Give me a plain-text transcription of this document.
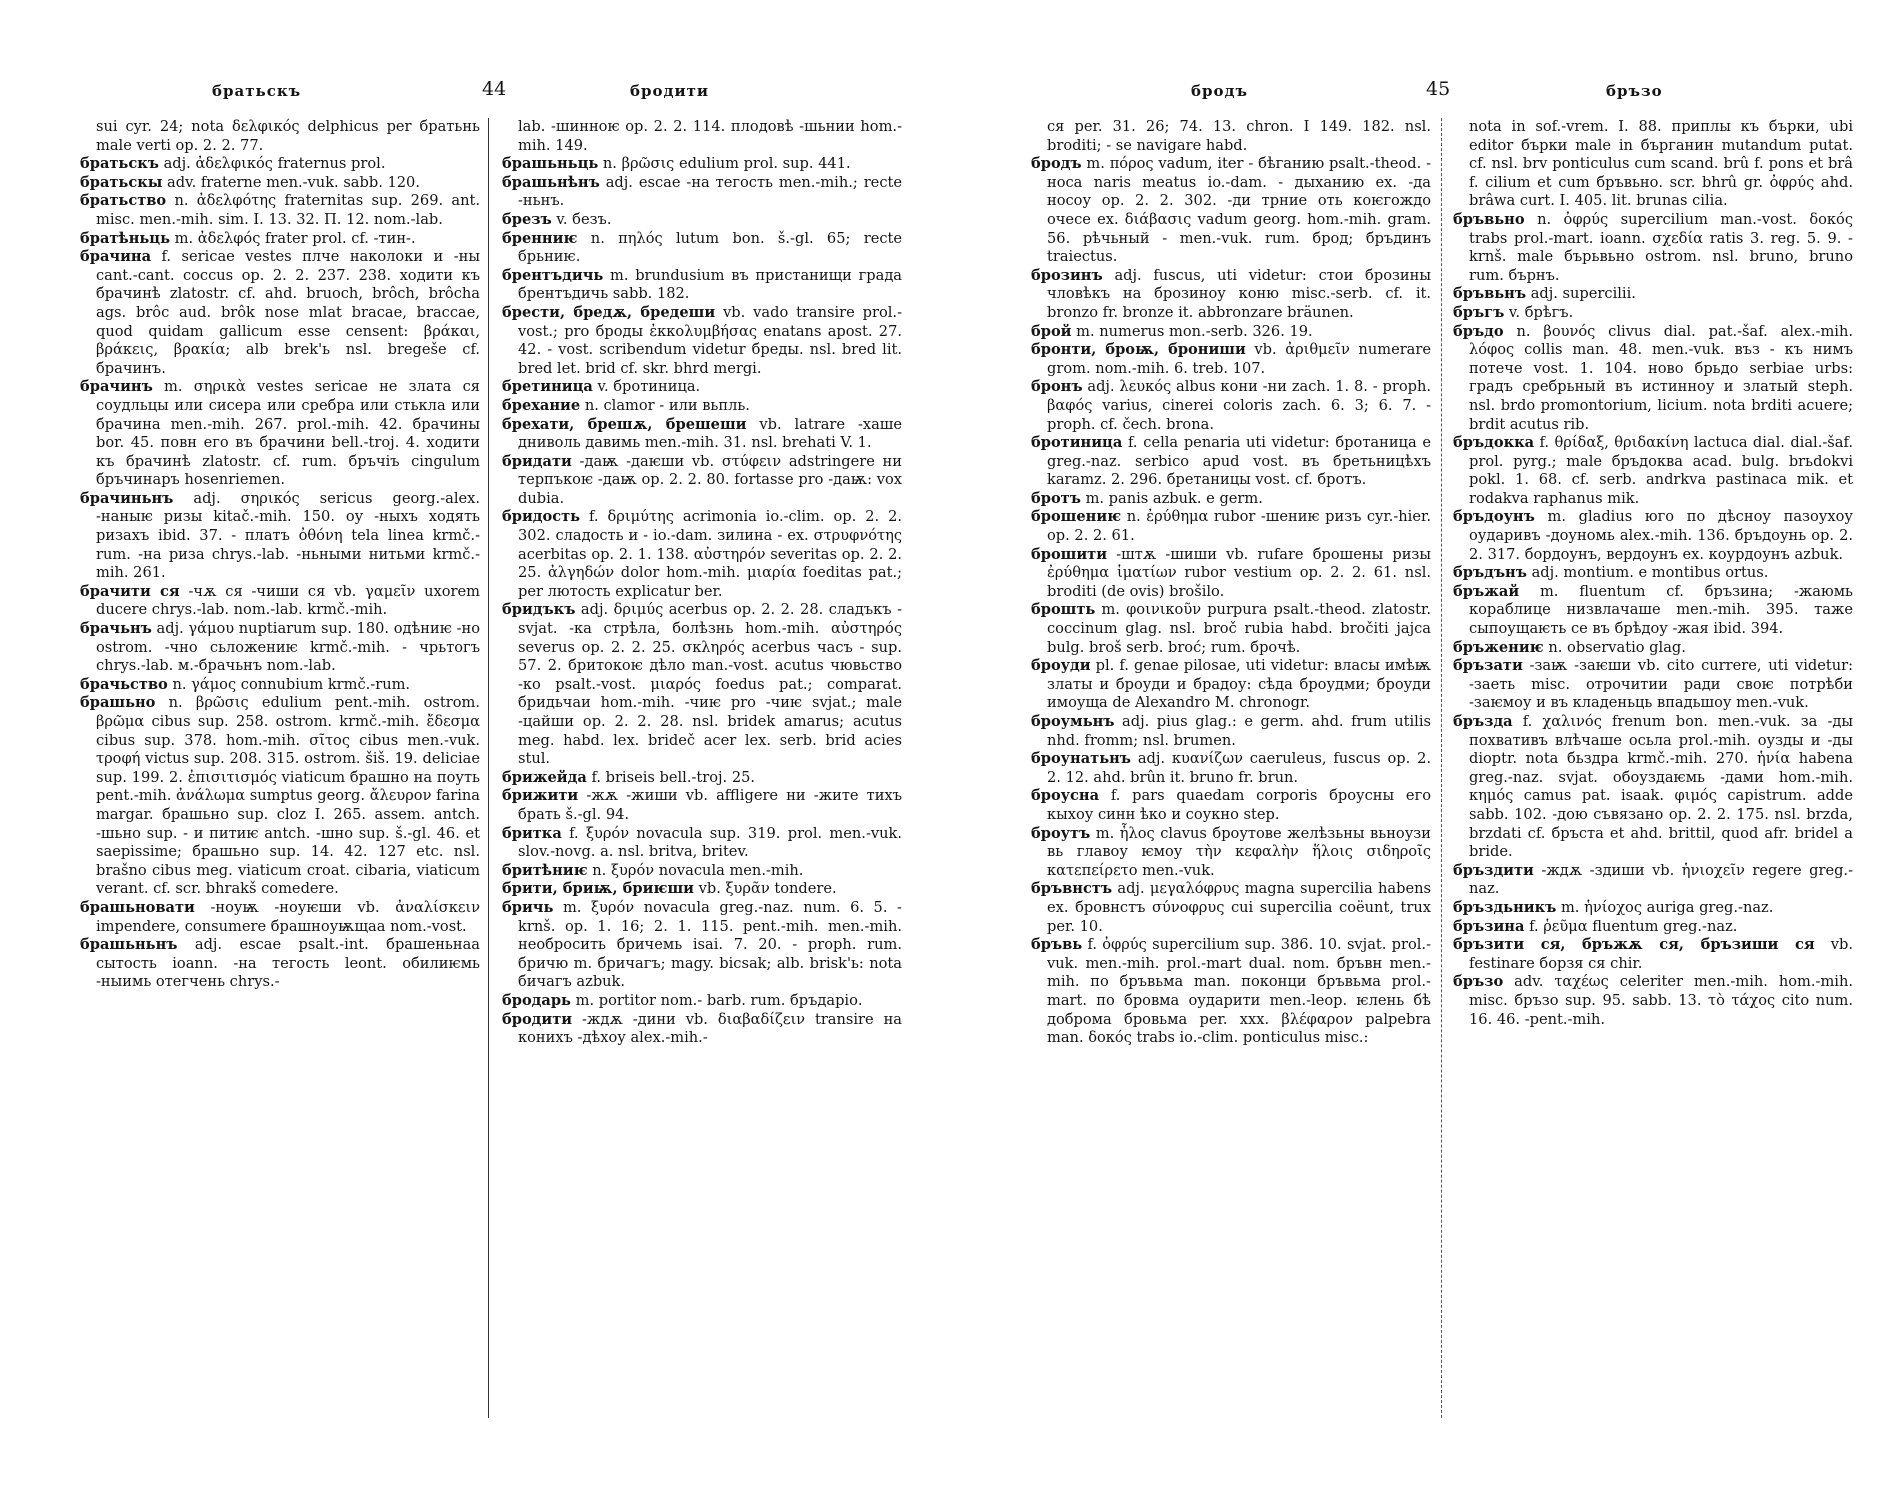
братьскъ	44	бродити

sui cyr. 24; nota δελφικός delphicus per братьнь male verti op. 2. 2. 77.

братьскъ adj. ἀδελφικός fraternus prol.

братьскы adv. fraterne men.-vuk. sabb. 120.

братьство n. ἀδελφότης fraternitas sup. 269. ant. misc. men.-mih. sim. I. 13. 32. П. 12. nom.-lab.

братѣньць m. ἀδελφός frater prol. cf. -тин-.

брачина f. sericae vestes плче наколоки и -ны cant.-cant. coccus op. 2. 2. 237. 238. ходити къ брачинѣ zlatostr. cf. ahd. bruoch, brôch, brôcha ags. brôc aud. brôk nose mlat bracae, braccae, quod quidam gallicum esse censent: βράκαι, βράκεις, βρακία; alb brek'ь nsl. bregeše cf. брачинъ.

брачинъ m. σηρικὰ vestes sericae не злата ся соудльцы или сисера или сребра или стькла или брачина men.-mih. 267. prol.-mih. 42. брачины bor. 45. повн его въ брачини bell.-troj. 4. ходити къ брачинѣ zlatostr. cf. rum. бръчіъ cingulum бръчинаръ hosenriemen.

брачиньнъ adj. σηρικός sericus georg.-alex. -наныѥ ризы kitač.-mih. 150. оу -ныхъ ходять ризахъ ibid. 37. - платъ ὀθόνη tela linea krmč.-rum. -на риза chrys.-lab. -ньными нитьми krmč.-mih. 261.

брачити ся -чѫ ся -чиши ся vb. γαμεῖν uxorem ducere chrys.-lab. nom.-lab. krmč.-mih.

брачьнъ adj. γάμου nuptiarum sup. 180. одѣниѥ -но ostrom. -чно сьложениѥ krmč.-mih. - чрьтогъ chrys.-lab. м.-брачьнъ nom.-lab.

брачьство n. γάμος connubium krmč.-rum.

брашьно n. βρῶσις edulium pent.-mih. ostrom. βρῶμα cibus sup. 258. ostrom. krmč.-mih. ἔδεσμα cibus sup. 378. hom.-mih. σῖτος cibus men.-vuk. τροφή victus sup. 208. 315. ostrom. šiš. 19. deliciae sup. 199. 2. ἐπισιτισμός viaticum брашно на поуть pent.-mih. ἀνάλωμα sumptus georg. ἄλευρον farina margar. брашьно sup. cloz I. 265. assem. antch. -шьно sup. - и питиѥ antch. -шно sup. š.-gl. 46. et saepissime; брашьно sup. 14. 42. 127 etc. nsl. brašno cibus meg. viaticum croat. cibaria, viaticum verant. cf. scr. bhrakš comedere.

брашьновати -ноуѭ -ноуѥши vb. ἀναλίσκειν impendere, consumere брашноуѭщаа nom.-vost.

брашьньнъ adj. escae psalt.-int. брашеньнаа сытость ioann. -на тегость leont. обилиѥмь -ныимь отегчень chrys.-

lab. -шинноѥ op. 2. 2. 114. плодовѣ -шьнии hom.-mih. 149.

брашьньць n. βρῶσις edulium prol. sup. 441.

брашьнѣнъ adj. escae -на тегость men.-mih.; recte -ньнъ.

брезъ v. безъ.

бренниѥ n. πηλός lutum bon. š.-gl. 65; recte брьниѥ.

брентъдичь m. brundusium въ пристанищи града брентъдичь sabb. 182.

брести, бредѫ, бредеши vb. vado transire prol.-vost.; pro броды ἐκκολυμβήσας enatans apost. 27. 42. - vost. scribendum videtur бреды. nsl. bred lit. bred let. brid cf. skr. bhrd mergi.

бретиница v. бротиница.

брехание n. clamor - или вьпль.

брехати, брешѫ, брешеши vb. latrare -хаше дниволь давимь men.-mih. 31. nsl. brehati V. 1.

бридати -даѭ -даѥши vb. στύφειν adstringere ни терпъкоѥ -даѭ op. 2. 2. 80. fortasse pro -даѭ: vox dubia.

бридость f. δριμύτης acrimonia io.-clim. op. 2. 2. 302. сладость и - io.-dam. зилина - ex. στρυφνότης acerbitas op. 2. 1. 138. αὐστηρόν severitas op. 2. 2. 25. ἀλγηδών dolor hom.-mih. μιαρία foeditas pat.; per лютость explicatur ber.

бридъкъ adj. δριμύς acerbus op. 2. 2. 28. сладъкъ - svjat. -ка стрѣла, болѣзнь hom.-mih. αὐστηρός severus op. 2. 2. 25. σκληρός acerbus часъ - sup. 57. 2. бритокоѥ дѣло man.-vost. acutus чювьство -ко psalt.-vost. μιαρός foedus pat.; comparat. бридьчаи hom.-mih. -чиѥ pro -чиѥ svjat.; male -цайши op. 2. 2. 28. nsl. bridek amarus; acutus meg. habd. lex. brideč acer lex. serb. brid acies stul.

брижейда f. briseis bell.-troj. 25.

брижити -жѫ -жиши vb. affligere ни -жите тихъ брать š.-gl. 94.

бритка f. ξυρόν novacula sup. 319. prol. men.-vuk. slov.-novg. a. nsl. britva, britev.

бритѣниѥ n. ξυρόν novacula men.-mih.

брити, бриѭ, бриѥши vb. ξυρᾶν tondere.

бричь m. ξυρόν novacula greg.-naz. num. 6. 5. - krnš. op. 1. 16; 2. 1. 115. pent.-mih. men.-mih. необросить бричемь isai. 7. 20. - proph. rum. бричю m. бричагъ; magy. bicsak; alb. brisk'ь: nota бичагъ azbuk.

бродарь m. portitor nom.- barb. rum. бръдаріо.

бродити -ждѫ -дини vb. διαβαδίζειν transire на конихъ -дѣхоу alex.-mih.-

бродъ	45	бръзо

ся per. 31. 26; 74. 13. chron. I 149. 182. nsl. broditi; - se navigare habd.

бродъ m. πόρος vadum, iter - бѣганию psalt.-theod. - носа naris meatus io.-dam. - дыханию ex. -да носоу op. 2. 2. 302. -ди трние оть коѥгождо очесе ex. διάβασις vadum georg. hom.-mih. gram. 56. рѣчьный - men.-vuk. rum. брод; бръдинъ traiectus.

брозинъ adj. fuscus, uti videtur: стои брозины чловѣкъ на брозиноу коню misc.-serb. cf. it. bronzo fr. bronze it. abbronzare bräunen.

брой m. numerus mon.-serb. 326. 19.

бронти, броѭ, брониши vb. ἀριθμεῖν numerare grom. nom.-mih. 6. treb. 107.

бронъ adj. λευκός albus кони -ни zach. 1. 8. - proph. βαφός varius, cinerei coloris zach. 6. 3; 6. 7. -proph. cf. čech. brona.

бротиница f. cella penaria uti videtur: бротаница e greg.-naz. serbico apud vost. въ бретьницѣхъ karamz. 2. 296. бретаницы vost. cf. бротъ.

бротъ m. panis azbuk. e germ.

брошениѥ n. ἐρύθημα rubor -шениѥ ризъ cyr.-hier. op. 2. 2. 61.

брошити -штѫ -шиши vb. rufare брошены ризы ἐρύθημα ἱματίων rubor vestium op. 2. 2. 61. nsl. broditi (de ovis) brošilo.

брошть m. φοινικοῦν purpura psalt.-theod. zlatostr. coccinum glag. nsl. broč rubia habd. bročiti jajca bulg. broš serb. broć; rum. брочѣ.

броуди pl. f. genae pilosae, uti videtur: власы имѣѭ златы и броуди и брадоу: сѣда броудми; броуди имоуща de Alexandro M. chronogr.

броумьнъ adj. pius glag.: e germ. ahd. frum utilis nhd. fromm; nsl. brumen.

броунатьнъ adj. κυανίζων caeruleus, fuscus op. 2. 2. 12. ahd. brûn it. bruno fr. brun.

броусна f. pars quaedam corporis броусны его кыхоу синн ѣко и соукно step.

броутъ m. ἧλος clavus броутове желѣзьны вьноузи вь главоу ѥмоу τὴν κεφαλὴν ἥλοις σιδηροῖς κατεπείρετο men.-vuk.

бръвнстъ adj. μεγαλόφρυς magna supercilia habens ex. бровнстъ σύνοφρυς cui supercilia coëunt, trux per. 10.

бръвь f. ὀφρύς supercilium sup. 386. 10. svjat. prol.-vuk. men.-mih. prol.-mart dual. nom. бръвн men.-mih. по бръвьма man. поконци бръвьма prol.-mart. по бровма оударити men.-leop. ѥлень бѣ доброма бровьма per. xxx. βλέφαρον palpebra man. δοκός trabs io.-clim. ponticulus misc.:

nota in sof.-vrem. I. 88. приплы къ бърки, ubi editor бърки male in бърганин mutandum putat. cf. nsl. brv ponticulus cum scand. brû f. pons et brâ f. cilium et cum бръвьно. scr. bhrû gr. ὀφρύς ahd. brâwa curt. I. 405. lit. brunas cilia.

бръвьно n. ὀφρύς supercilium man.-vost. δοκός trabs prol.-mart. ioann. σχεδία ratis 3. reg. 5. 9. - krnš. male бърьвьно ostrom. nsl. bruno, bruno rum. бърнъ.

бръвьнъ adj. supercilii.

бръгъ v. брѣгъ.

бръдо n. βουνός clivus dial. pat.-šaf. alex.-mih. λόφος collis man. 48. men.-vuk. въз - къ нимъ потече vost. 1. 104. ново брьдо serbiae urbs: градъ сребрьный въ истинноу и златый steph. nsl. brdo promontorium, licium. nota brditi acuere; brdit acutus rib.

бръдокка f. θρίδαξ, θριδακίνη lactuca dial. dial.-šaf. prol. pyrg.; male бръдоква acad. bulg. brьdokvi pokl. 1. 68. cf. serb. andrkva pastinaca mik. et rodakva raphanus mik.

бръдоунъ m. gladius юго по дѣсноу пазоухоу оударивъ -доуномь alex.-mih. 136. бръдоунь op. 2. 2. 317. бордоунъ, вердоунъ ex. коурдоунъ azbuk.

бръдънъ adj. montium. e montibus ortus.

бръжай m. fluentum cf. бръзина; -жаюмь кораблице низвлачаше men.-mih. 395. таже сыпоущаѥть се въ брѣдоу -жая ibid. 394.

бръжениѥ n. observatio glag.

бръзати -заѭ -заѥши vb. cito currere, uti videtur: -заеть misc. отрочитии ради своѥ потрѣби -заѥмоу и въ кладеньць впадьшоу men.-vuk.

бръзда f. χαλινός frenum bon. men.-vuk. за -ды похвативъ влѣчаше осьла prol.-mih. оузды и -ды dioptr. nota бьздра krmč.-mih. 270. ἡνία habena greg.-naz. svjat. обоуздаѥмь -дами hom.-mih. κημός camus pat. isaak. φιμός capistrum. adde sabb. 102. -дою съвязано op. 2. 2. 175. nsl. brzda, brzdati cf. бръста et ahd. brittil, quod afr. bridel a bride.

бръздити -ждѫ -здиши vb. ἡνιοχεῖν regere greg.-naz.

бръздьникъ m. ἡνίοχος auriga greg.-naz.

бръзина f. ῥεῦμα fluentum greg.-naz.

бръзити ся, бръжѫ ся, бръзиши ся vb. festinare борзя ся chir.

бръзо adv. ταχέως celeriter men.-mih. hom.-mih. misc. бръзо sup. 95. sabb. 13. τὸ τάχος cito num. 16. 46. -pent.-mih.
